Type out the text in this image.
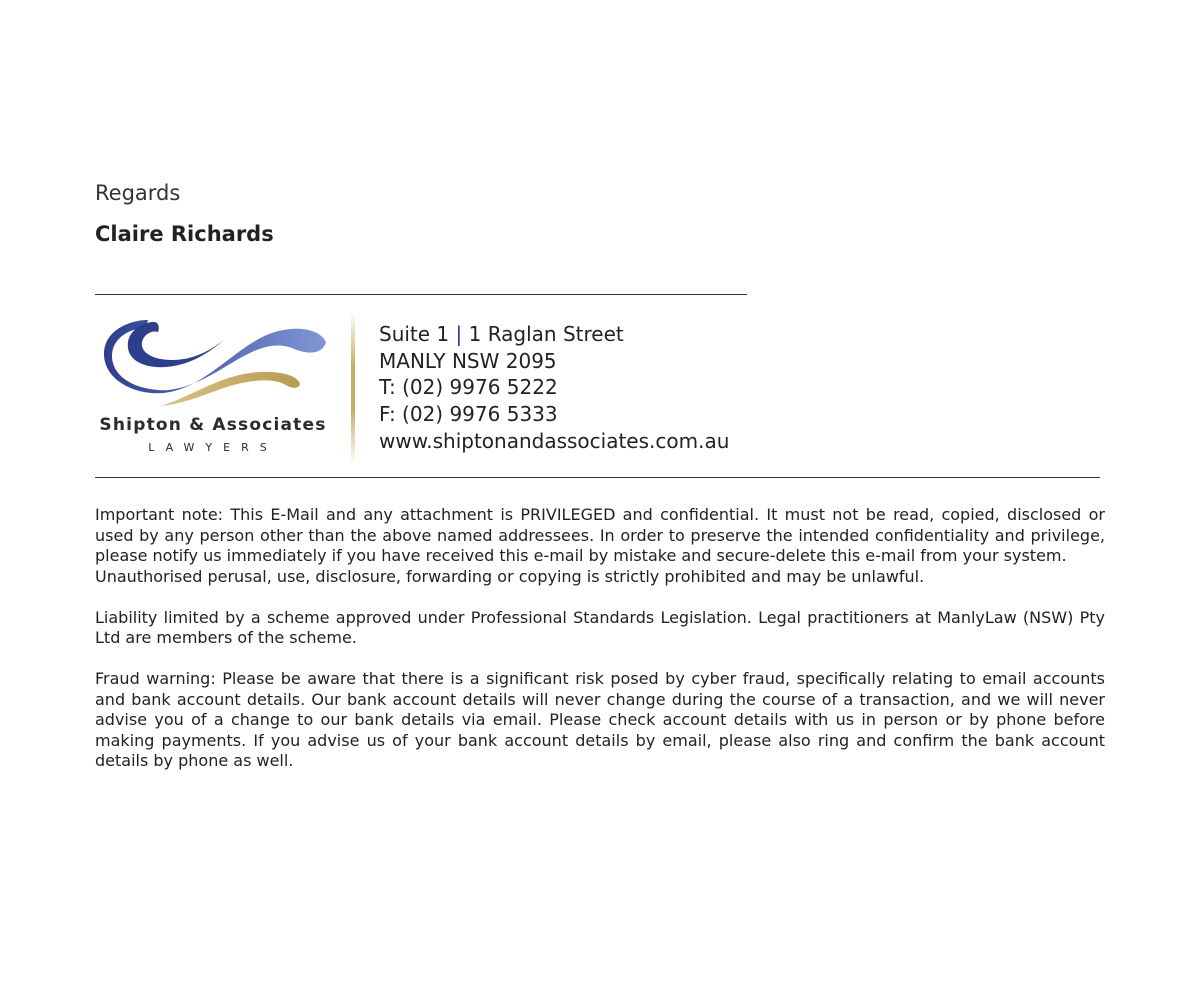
Regards
Claire Richards
Shipton & Associates
LAWYERS
Suite 1 | 1 Raglan Street
MANLY NSW 2095
T: (02) 9976 5222
F: (02) 9976 5333
www.shiptonandassociates.com.au

Important note: This E-Mail and any attachment is PRIVILEGED and confidential. It must not be read, copied, disclosed or used by any person other than the above named addressees. In order to preserve the intended confidentiality and privilege, please notify us immediately if you have received this e-mail by mistake and secure-delete this e-mail from your system.

Unauthorised perusal, use, disclosure, forwarding or copying is strictly prohibited and may be unlawful.

Liability limited by a scheme approved under Professional Standards Legislation. Legal practitioners at ManlyLaw (NSW) Pty Ltd are members of the scheme.

Fraud warning: Please be aware that there is a significant risk posed by cyber fraud, specifically relating to email accounts and bank account details. Our bank account details will never change during the course of a transaction, and we will never advise you of a change to our bank details via email. Please check account details with us in person or by phone before making payments. If you advise us of your bank account details by email, please also ring and confirm the bank account details by phone as well.
